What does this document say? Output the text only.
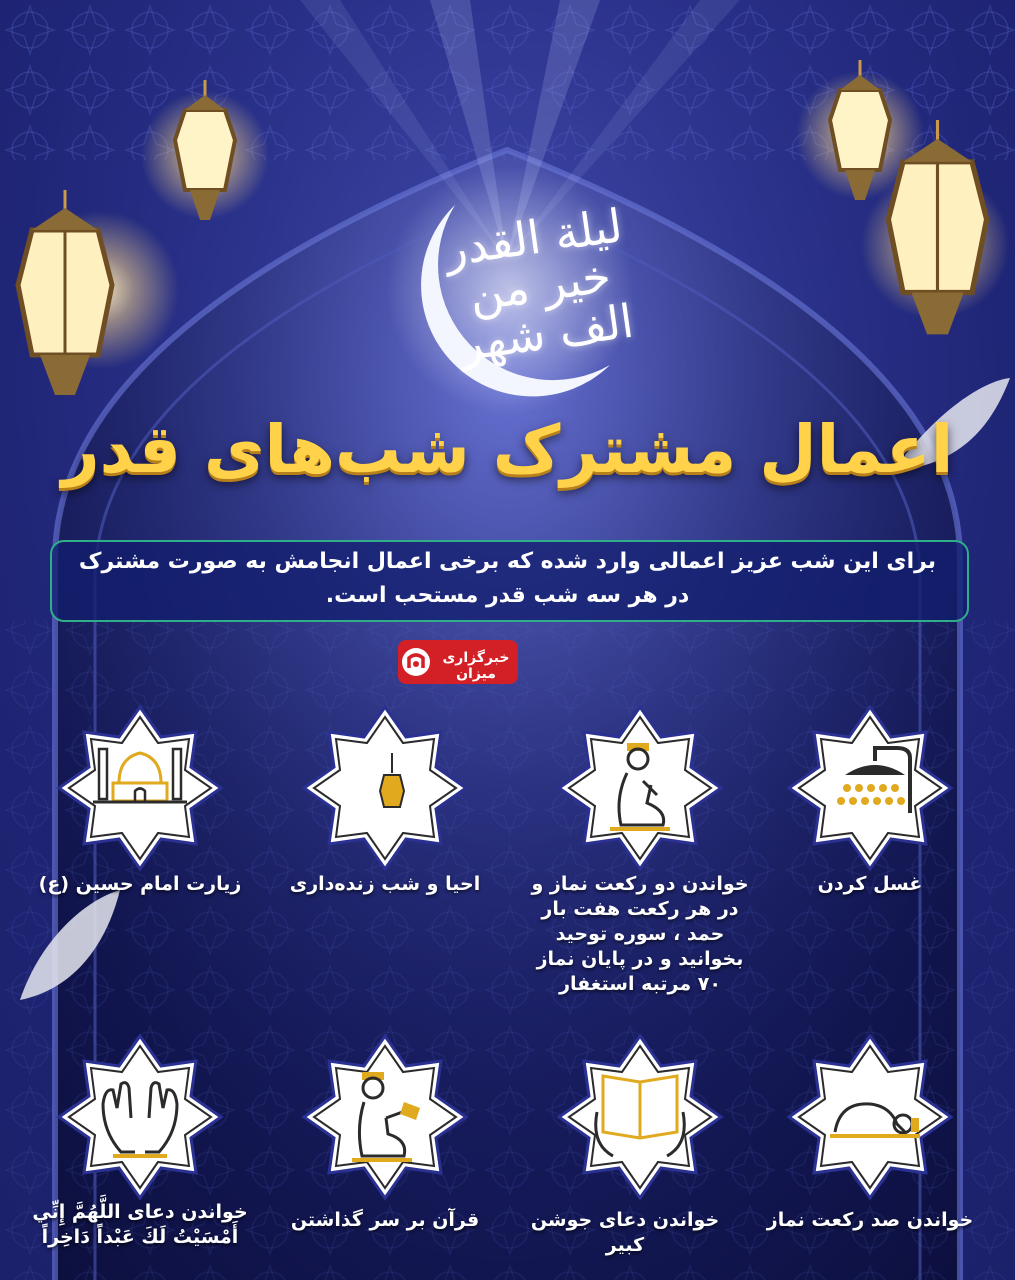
ليلة القدر خير من الف شهر
اعمال مشترک شب‌های قدر
برای این شب عزیز اعمالی وارد شده که برخی اعمال انجامش به صورت مشترک در هر سه شب قدر مستحب است.
خبرگزاری میزان
غسل کردن
خواندن دو رکعت نماز و در هر رکعت هفت بار حمد ، سوره توحید بخوانید و در پایان نماز ۷۰ مرتبه استغفار
احیا و شب زنده‌داری
زیارت امام حسین (ع)
خواندن صد رکعت نماز
خواندن دعای جوشن کبیر
قرآن بر سر گذاشتن
خواندن دعای اللَّهُمَّ إِنِّي أَمْسَيْتُ لَكَ عَبْداً دَاخِراً
